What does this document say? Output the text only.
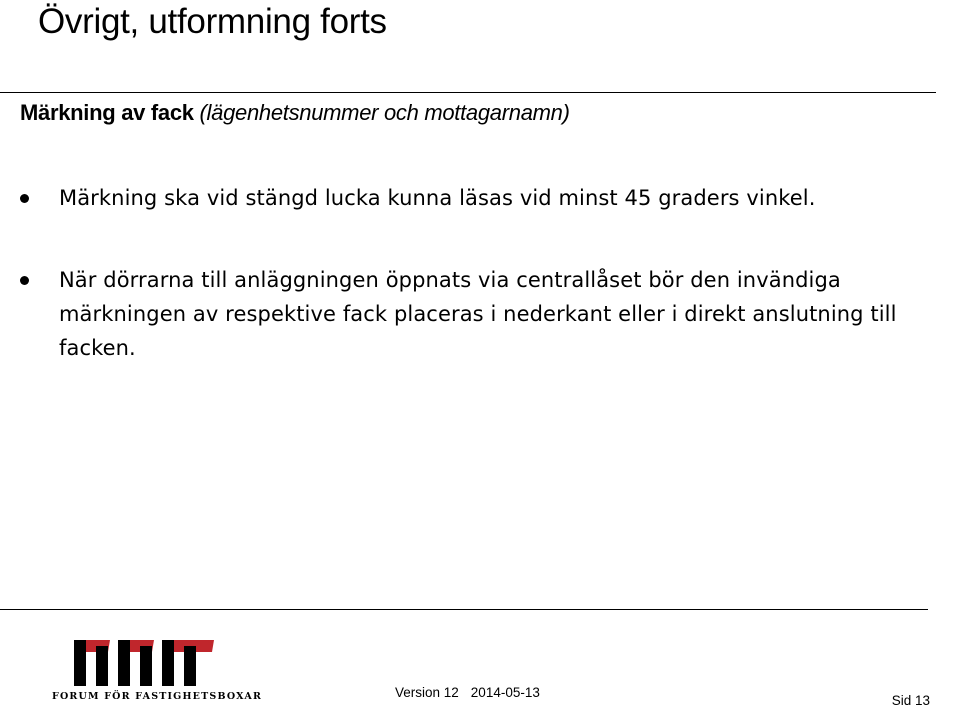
Övrigt, utformning forts
Märkning av fack (lägenhetsnummer och mottagarnamn)
Märkning ska vid stängd lucka kunna läsas vid minst 45 graders vinkel.
När dörrarna till anläggningen öppnats via centrallåset bör den invändiga märkningen av respektive fack placeras i nederkant eller i direkt anslutning till facken.
FORUM FÖR FASTIGHETSBOXAR	Version 12 2014-05-13
Sid 13
